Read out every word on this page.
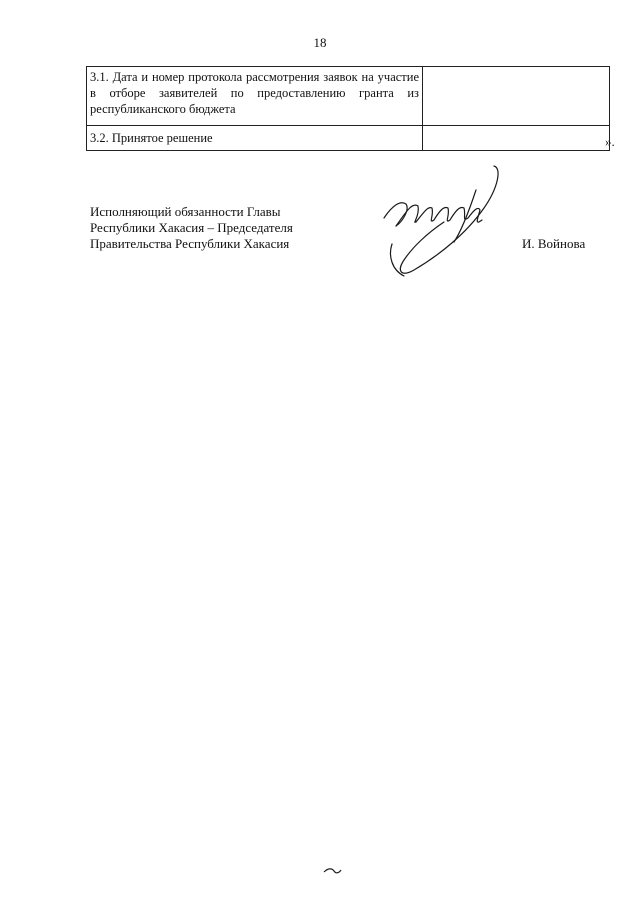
18
3.1. Дата и номер протокола рассмотрения заявок на участие в отборе заявителей по предоставлению гранта из республиканского бюджета	
3.2. Принятое решение		».
Исполняющий обязанности Главы
Республики Хакасия – Председателя
Правительства Республики Хакасия	И. Войнова
